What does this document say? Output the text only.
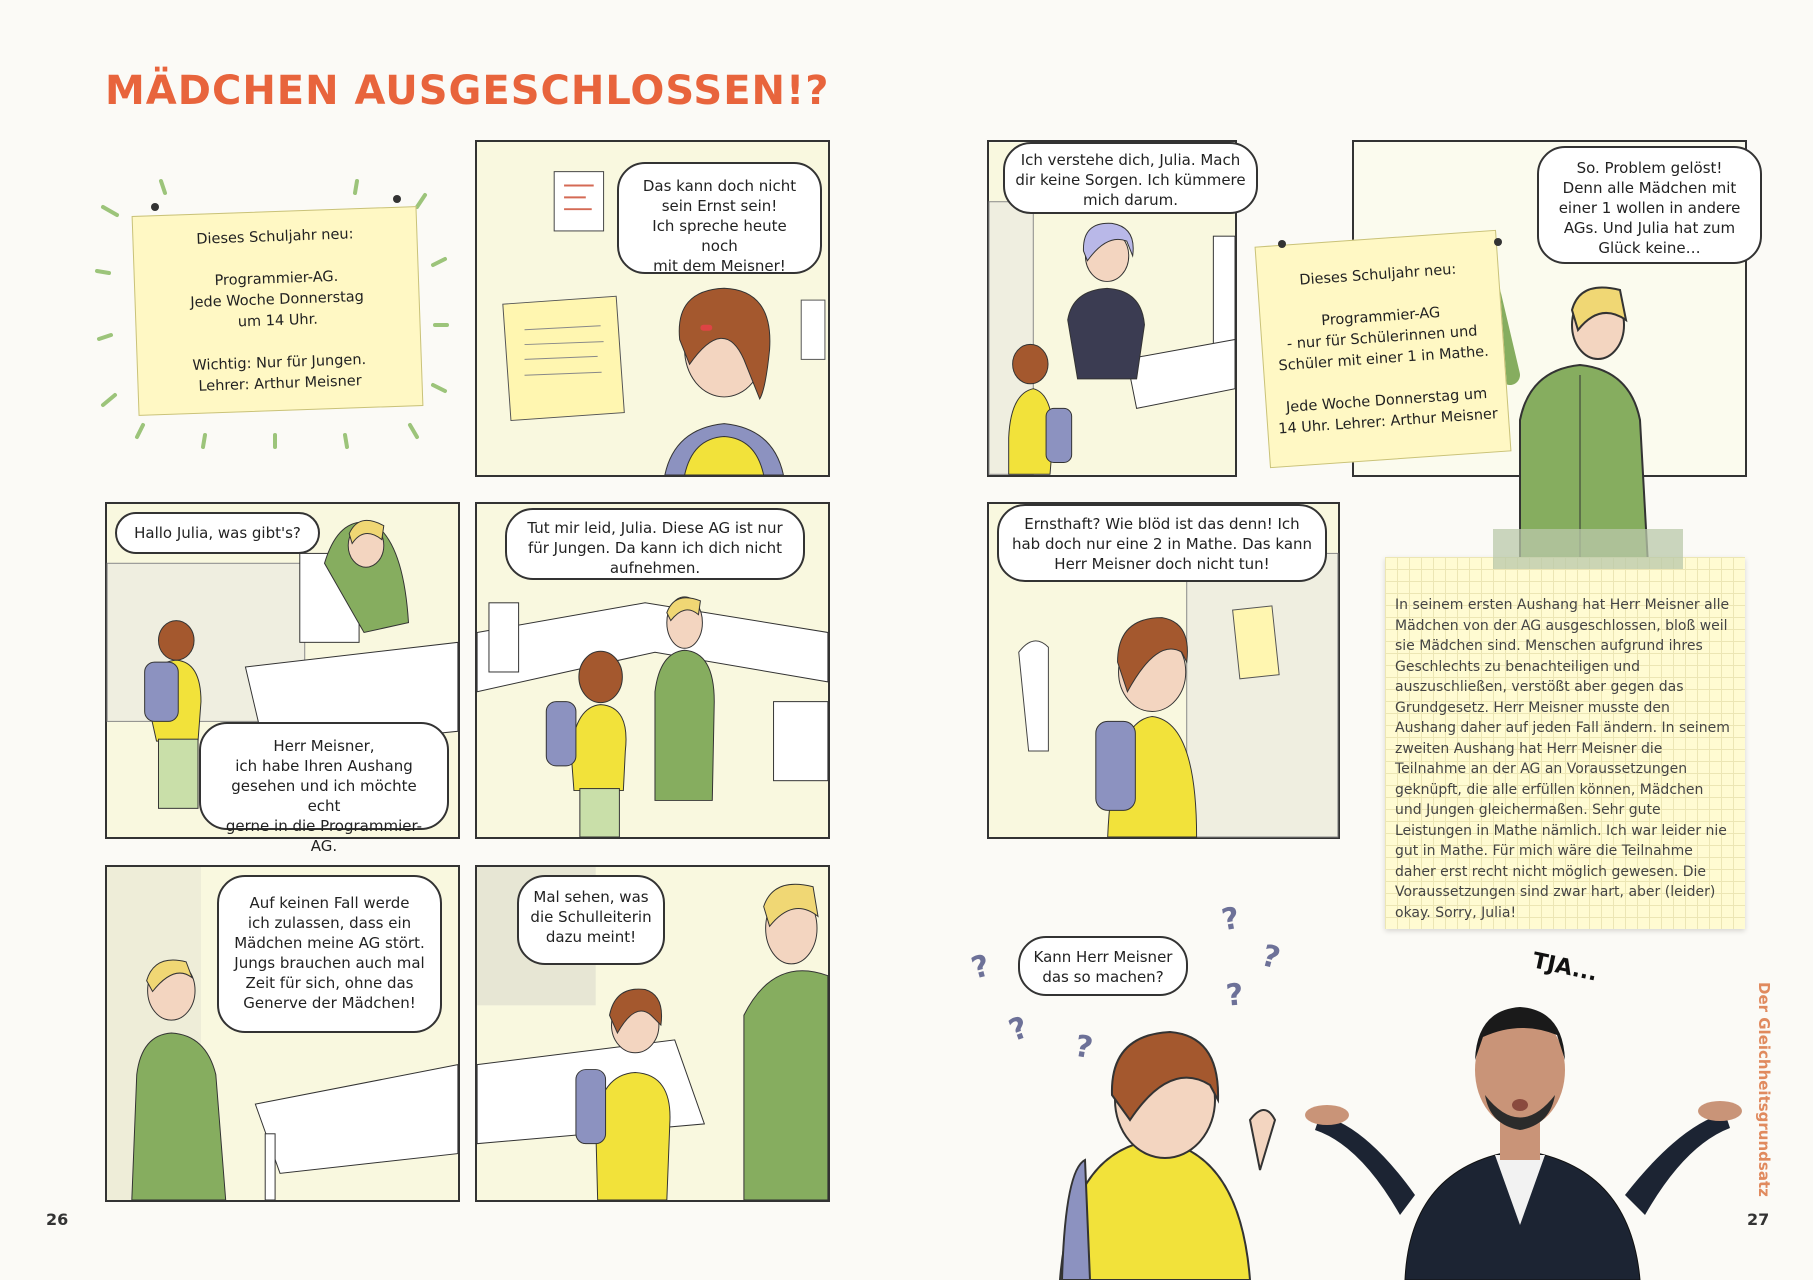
MÄDCHEN AUSGESCHLOSSEN!?
Dieses Schuljahr neu:

Programmier-AG.
Jede Woche Donnerstag
um 14 Uhr.

Wichtig: Nur für Jungen.
Lehrer: Arthur Meisner
Das kann doch nicht
sein Ernst sein!
Ich spreche heute noch
mit dem Meisner!
Hallo Julia, was gibt's?
Herr Meisner,
ich habe Ihren Aushang
gesehen und ich möchte echt
gerne in die Programmier-AG.
Tut mir leid, Julia. Diese AG ist nur
für Jungen. Da kann ich dich nicht
aufnehmen.
Auf keinen Fall werde
ich zulassen, dass ein
Mädchen meine AG stört.
Jungs brauchen auch mal
Zeit für sich, ohne das
Generve der Mädchen!
Mal sehen, was
die Schulleiterin
dazu meint!
Ich verstehe dich, Julia. Mach
dir keine Sorgen. Ich kümmere
mich darum.
Dieses Schuljahr neu:

Programmier-AG
- nur für Schülerinnen und
Schüler mit einer 1 in Mathe.

Jede Woche Donnerstag um
14 Uhr. Lehrer: Arthur Meisner
So. Problem gelöst!
Denn alle Mädchen mit
einer 1 wollen in andere
AGs. Und Julia hat zum
Glück keine…
Ernsthaft? Wie blöd ist das denn! Ich
hab doch nur eine 2 in Mathe. Das kann
Herr Meisner doch nicht tun!

In seinem ersten Aushang hat Herr Meisner alle Mädchen von der AG ausgeschlossen, bloß weil sie Mädchen sind. Menschen aufgrund ihres Geschlechts zu benachteiligen und auszuschließen, verstößt aber gegen das Grundgesetz. Herr Meisner musste den Aushang daher auf jeden Fall ändern. In seinem zweiten Aushang hat Herr Meisner die Teilnahme an der AG an Voraussetzungen geknüpft, die alle erfüllen können, Mädchen und Jungen gleichermaßen. Sehr gute Leistungen in Mathe nämlich. Ich war leider nie gut in Mathe. Für mich wäre die Teilnahme daher erst recht nicht möglich gewesen. Die Voraussetzungen sind zwar hart, aber (leider) okay. Sorry, Julia!

Kann Herr Meisner
das so machen?
?
? ?
?
?
?
TJA...
26	27
Der Gleichheitsgrundsatz
